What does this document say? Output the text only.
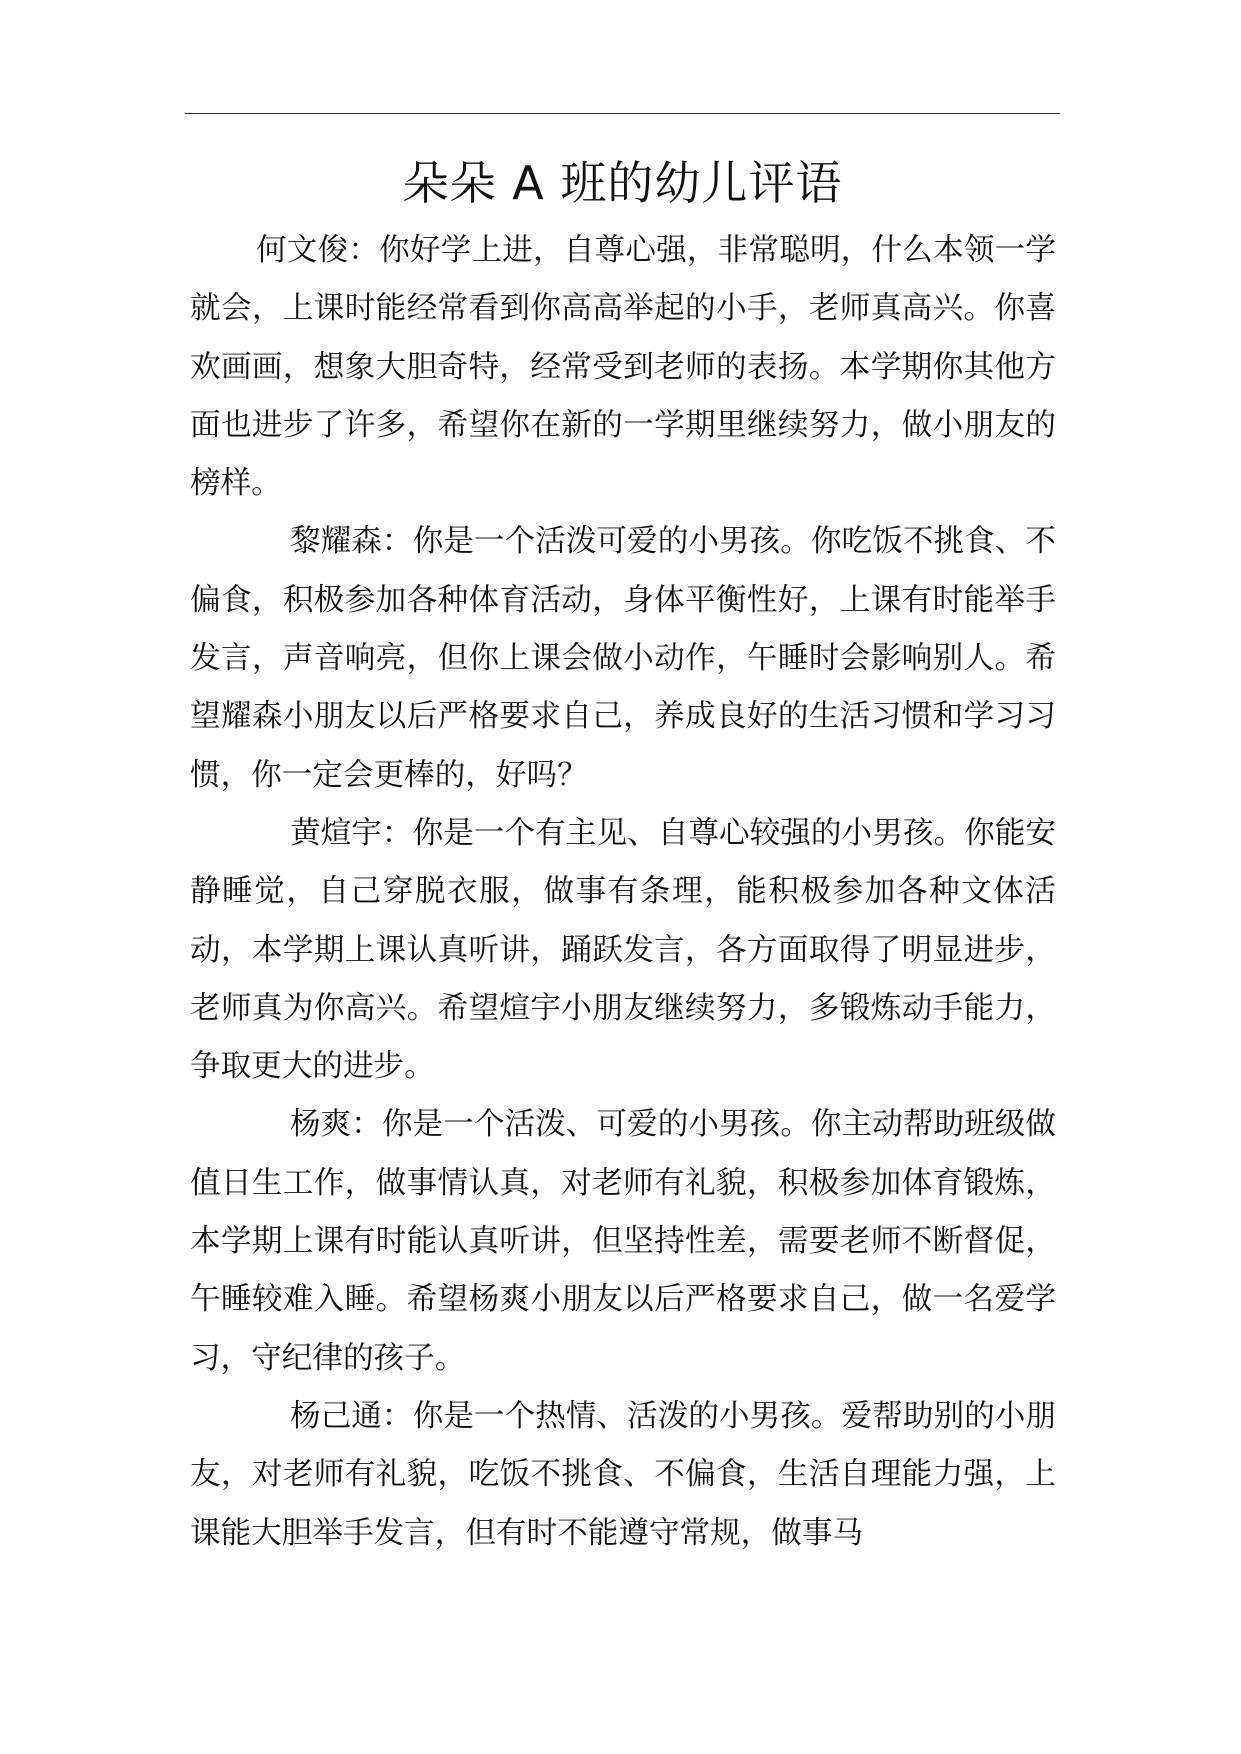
朵朵 A 班的幼儿评语

何文俊：你好学上进，自尊心强，非常聪明，什么本领一学就会，上课时能经常看到你高高举起的小手，老师真高兴。你喜欢画画，想象大胆奇特，经常受到老师的表扬。本学期你其他方面也进步了许多，希望你在新的一学期里继续努力，做小朋友的榜样。

黎耀森：你是一个活泼可爱的小男孩。你吃饭不挑食、不偏食，积极参加各种体育活动，身体平衡性好，上课有时能举手发言，声音响亮，但你上课会做小动作，午睡时会影响别人。希望耀森小朋友以后严格要求自己，养成良好的生活习惯和学习习惯，你一定会更棒的，好吗？

黄煊宇：你是一个有主见、自尊心较强的小男孩。你能安静睡觉，自己穿脱衣服，做事有条理，能积极参加各种文体活动，本学期上课认真听讲，踊跃发言，各方面取得了明显进步，老师真为你高兴。希望煊宇小朋友继续努力，多锻炼动手能力，争取更大的进步。

杨爽：你是一个活泼、可爱的小男孩。你主动帮助班级做值日生工作，做事情认真，对老师有礼貌，积极参加体育锻炼，本学期上课有时能认真听讲，但坚持性差，需要老师不断督促，午睡较难入睡。希望杨爽小朋友以后严格要求自己，做一名爱学习，守纪律的孩子。

杨己通：你是一个热情、活泼的小男孩。爱帮助别的小朋友，对老师有礼貌，吃饭不挑食、不偏食，生活自理能力强，上课能大胆举手发言，但有时不能遵守常规，做事马
